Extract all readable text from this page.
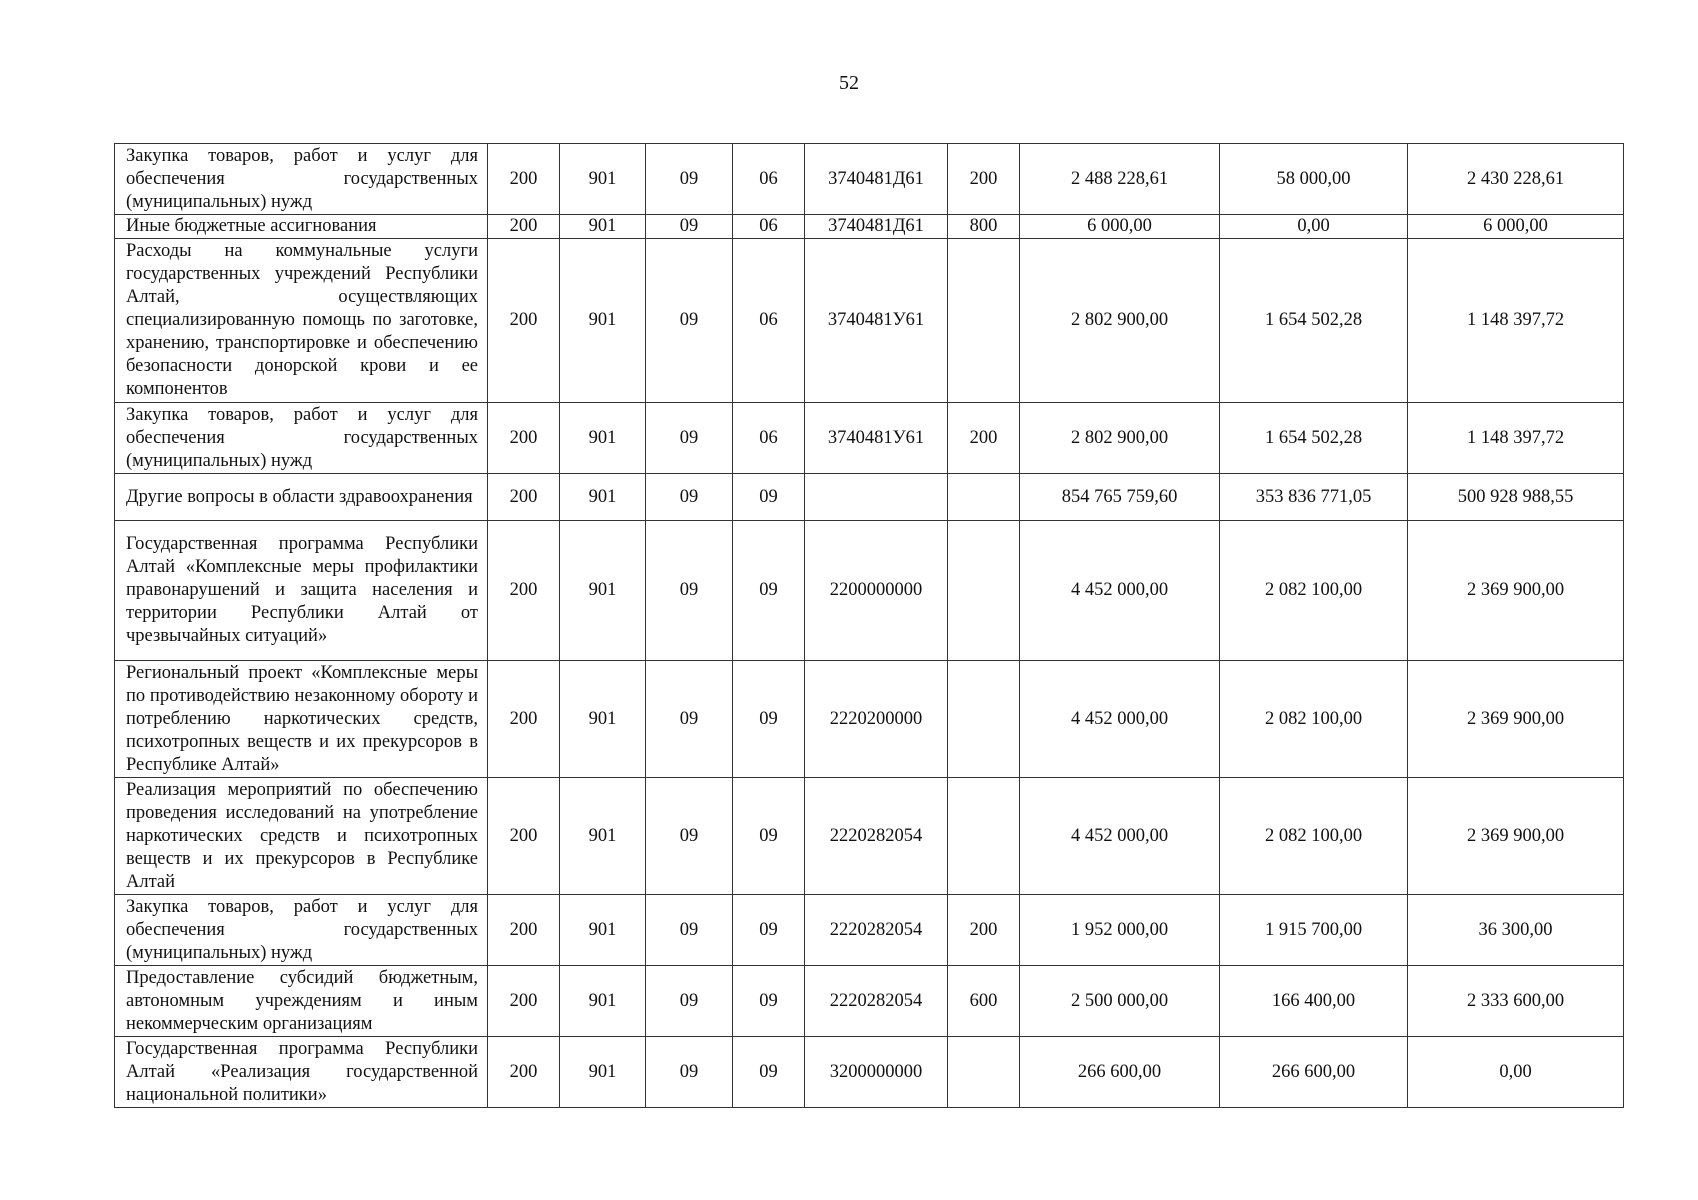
52
Закупка товаров, работ и услуг для обеспечения государственных (муниципальных) нужд	200	901	09	06	3740481Д61	200	2 488 228,61	58 000,00	2 430 228,61
Иные бюджетные ассигнования	200	901	09	06	3740481Д61	800	6 000,00	0,00	6 000,00
Расходы на коммунальные услуги государственных учреждений Республики Алтай, осуществляющих специализированную помощь по заготовке, хранению, транспортировке и обеспечению безопасности донорской крови и ее компонентов	200	901	09	06	3740481У61		2 802 900,00	1 654 502,28	1 148 397,72
Закупка товаров, работ и услуг для обеспечения государственных (муниципальных) нужд	200	901	09	06	3740481У61	200	2 802 900,00	1 654 502,28	1 148 397,72
Другие вопросы в области здравоохранения	200	901	09	09			854 765 759,60	353 836 771,05	500 928 988,55
Государственная программа Республики Алтай «Комплексные меры профилактики правонарушений и защита населения и территории Республики Алтай от чрезвычайных ситуаций»	200	901	09	09	2200000000		4 452 000,00	2 082 100,00	2 369 900,00
Региональный проект «Комплексные меры по противодействию незаконному обороту и потреблению наркотических средств, психотропных веществ и их прекурсоров в Республике Алтай»	200	901	09	09	2220200000		4 452 000,00	2 082 100,00	2 369 900,00
Реализация мероприятий по обеспечению проведения исследований на употребление наркотических средств и психотропных веществ и их прекурсоров в Республике Алтай	200	901	09	09	2220282054		4 452 000,00	2 082 100,00	2 369 900,00
Закупка товаров, работ и услуг для обеспечения государственных (муниципальных) нужд	200	901	09	09	2220282054	200	1 952 000,00	1 915 700,00	36 300,00
Предоставление субсидий бюджетным, автономным учреждениям и иным некоммерческим организациям	200	901	09	09	2220282054	600	2 500 000,00	166 400,00	2 333 600,00
Государственная программа Республики Алтай «Реализация государственной национальной политики»	200	901	09	09	3200000000		266 600,00	266 600,00	0,00
